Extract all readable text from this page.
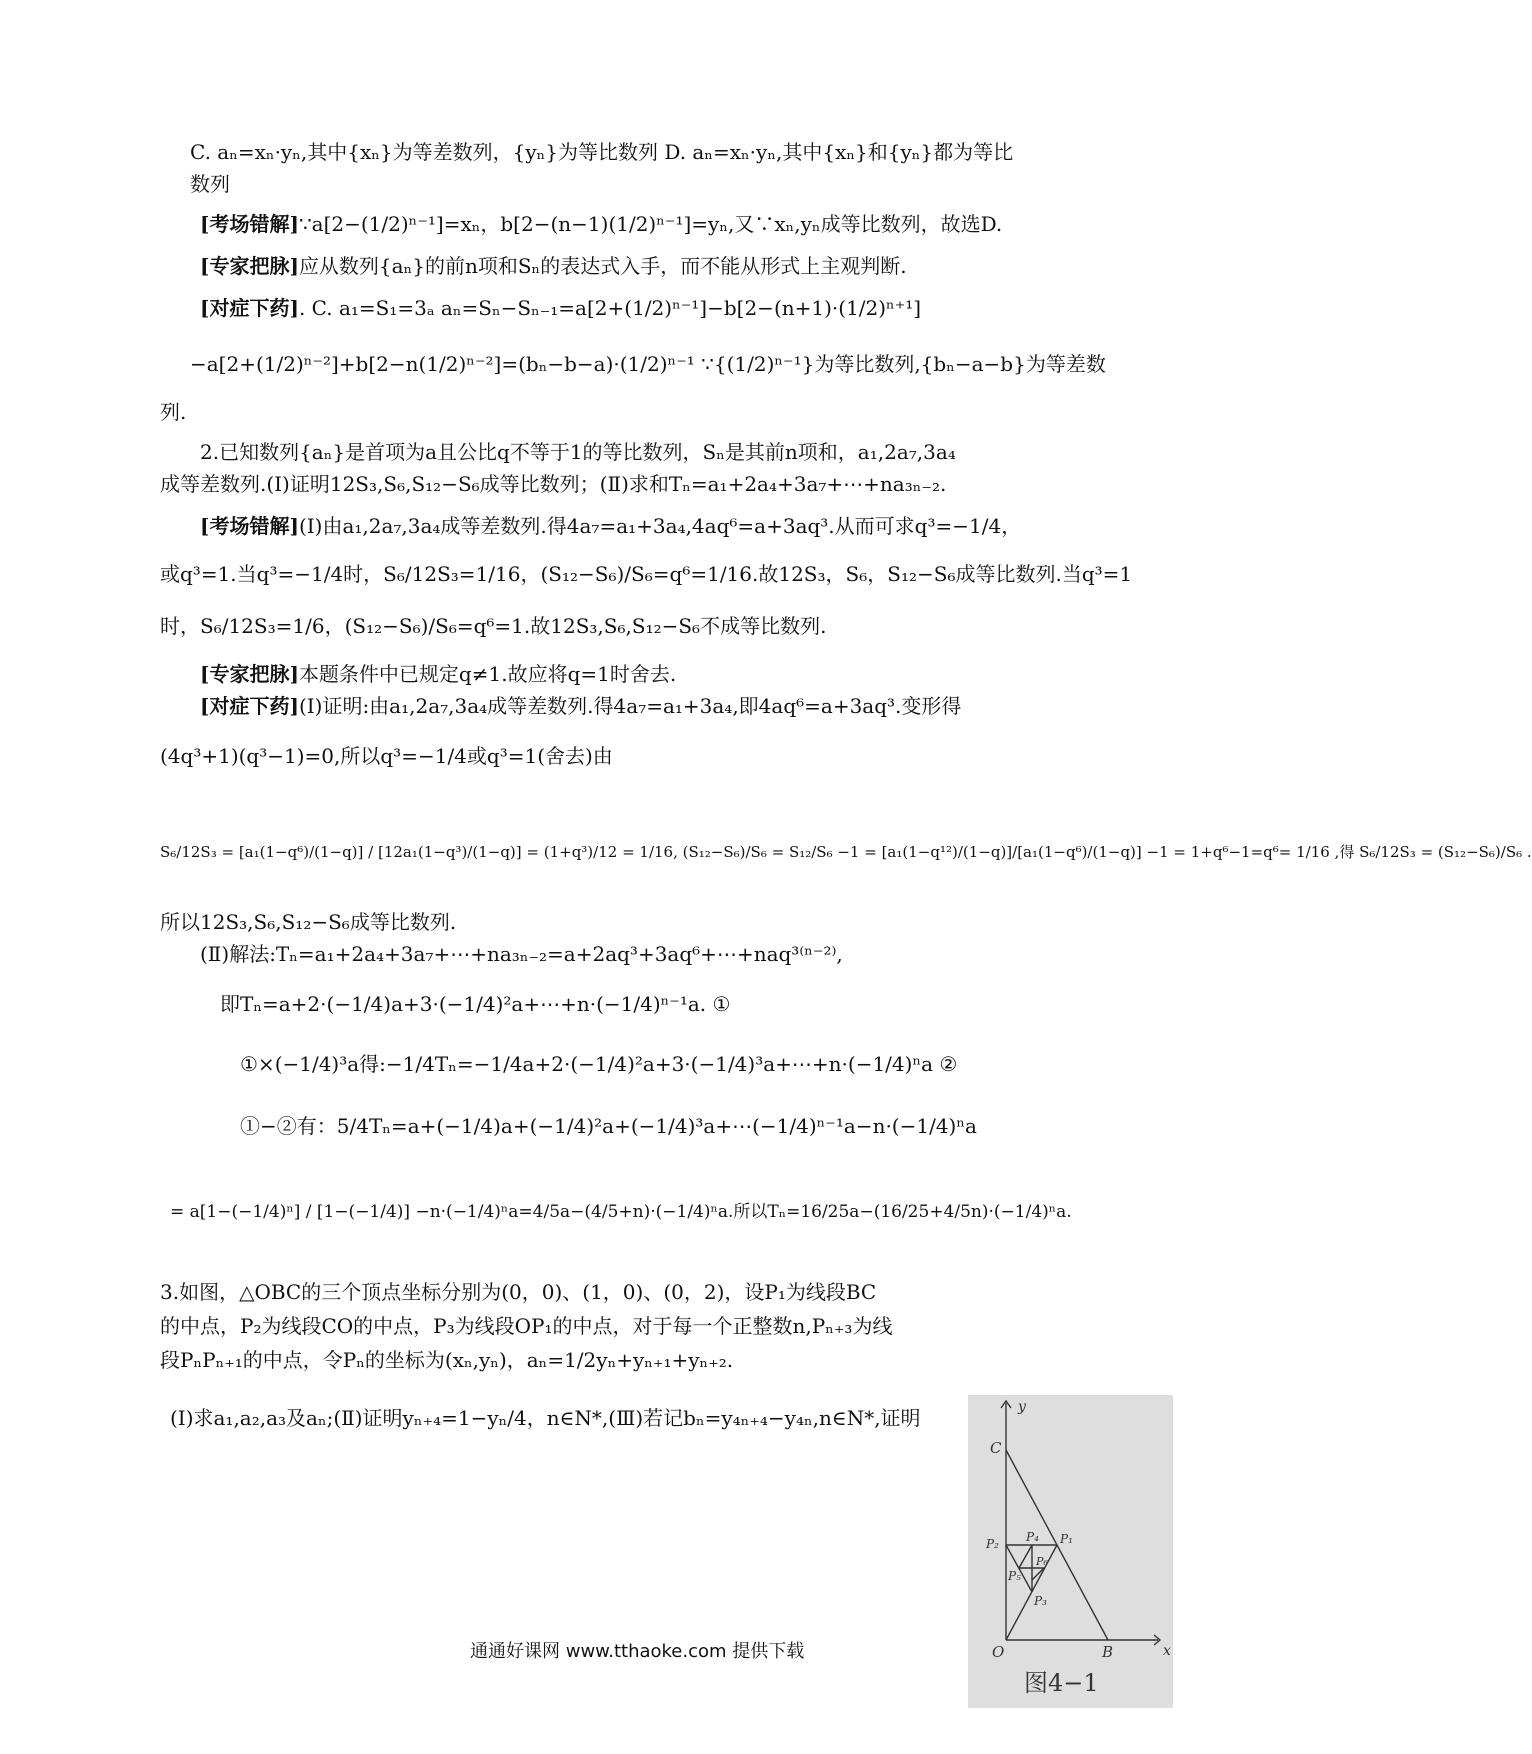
C. aₙ=xₙ·yₙ,其中{xₙ}为等差数列，{yₙ}为等比数列 D. aₙ=xₙ·yₙ,其中{xₙ}和{yₙ}都为等比
数列
[考场错解]∵a[2−(1/2)ⁿ⁻¹]=xₙ，b[2−(n−1)(1/2)ⁿ⁻¹]=yₙ,又∵xₙ,yₙ成等比数列，故选D.
[专家把脉]应从数列{aₙ}的前n项和Sₙ的表达式入手，而不能从形式上主观判断.
[对症下药]. C. a₁=S₁=3ₐ aₙ=Sₙ−Sₙ₋₁=a[2+(1/2)ⁿ⁻¹]−b[2−(n+1)·(1/2)ⁿ⁺¹]
−a[2+(1/2)ⁿ⁻²]+b[2−n(1/2)ⁿ⁻²]=(bₙ−b−a)·(1/2)ⁿ⁻¹ ∵{(1/2)ⁿ⁻¹}为等比数列,{bₙ−a−b}为等差数
列.
2.已知数列{aₙ}是首项为a且公比q不等于1的等比数列，Sₙ是其前n项和，a₁,2a₇,3a₄
成等差数列.(Ⅰ)证明12S₃,S₆,S₁₂−S₆成等比数列；(Ⅱ)求和Tₙ=a₁+2a₄+3a₇+⋯+na₃ₙ₋₂.
[考场错解](Ⅰ)由a₁,2a₇,3a₄成等差数列.得4a₇=a₁+3a₄,4aq⁶=a+3aq³.从而可求q³=−1/4，
或q³=1.当q³=−1/4时，S₆/12S₃=1/16，(S₁₂−S₆)/S₆=q⁶=1/16.故12S₃，S₆，S₁₂−S₆成等比数列.当q³=1
时，S₆/12S₃=1/6，(S₁₂−S₆)/S₆=q⁶=1.故12S₃,S₆,S₁₂−S₆不成等比数列.
[专家把脉]本题条件中已规定q≠1.故应将q=1时舍去.
[对症下药](Ⅰ)证明:由a₁,2a₇,3a₄成等差数列.得4a₇=a₁+3a₄,即4aq⁶=a+3aq³.变形得
(4q³+1)(q³−1)=0,所以q³=−1/4或q³=1(舍去)由
S₆/12S₃ = [a₁(1−q⁶)/(1−q)] / [12a₁(1−q³)/(1−q)] = (1+q³)/12 = 1/16, (S₁₂−S₆)/S₆ = S₁₂/S₆ −1 = [a₁(1−q¹²)/(1−q)]/[a₁(1−q⁶)/(1−q)] −1 = 1+q⁶−1=q⁶= 1/16 ,得 S₆/12S₃ = (S₁₂−S₆)/S₆ .
所以12S₃,S₆,S₁₂−S₆成等比数列.
(Ⅱ)解法:Tₙ=a₁+2a₄+3a₇+⋯+na₃ₙ₋₂=a+2aq³+3aq⁶+⋯+naq³⁽ⁿ⁻²⁾,
即Tₙ=a+2·(−1/4)a+3·(−1/4)²a+⋯+n·(−1/4)ⁿ⁻¹a. ①
①×(−1/4)³a得:−1/4Tₙ=−1/4a+2·(−1/4)²a+3·(−1/4)³a+⋯+n·(−1/4)ⁿa ②
①−②有：5/4Tₙ=a+(−1/4)a+(−1/4)²a+(−1/4)³a+⋯(−1/4)ⁿ⁻¹a−n·(−1/4)ⁿa
= a[1−(−1/4)ⁿ] / [1−(−1/4)] −n·(−1/4)ⁿa=4/5a−(4/5+n)·(−1/4)ⁿa.所以Tₙ=16/25a−(16/25+4/5n)·(−1/4)ⁿa.
3.如图，△OBC的三个顶点坐标分别为(0，0)、(1，0)、(0，2)，设P₁为线段BC
的中点，P₂为线段CO的中点，P₃为线段OP₁的中点，对于每一个正整数n,Pₙ₊₃为线
段PₙPₙ₊₁的中点，令Pₙ的坐标为(xₙ,yₙ)，aₙ=1/2yₙ+yₙ₊₁+yₙ₊₂.
(Ⅰ)求a₁,a₂,a₃及aₙ;(Ⅱ)证明yₙ₊₄=1−yₙ/4，n∈N*,(Ⅲ)若记bₙ=y₄ₙ₊₄−y₄ₙ,n∈N*,证明	y
x
C
O	B
P₁
P₂
P₃
P₄
P₅
P₆
图4−1
通通好课网 www.tthaoke.com 提供下载
